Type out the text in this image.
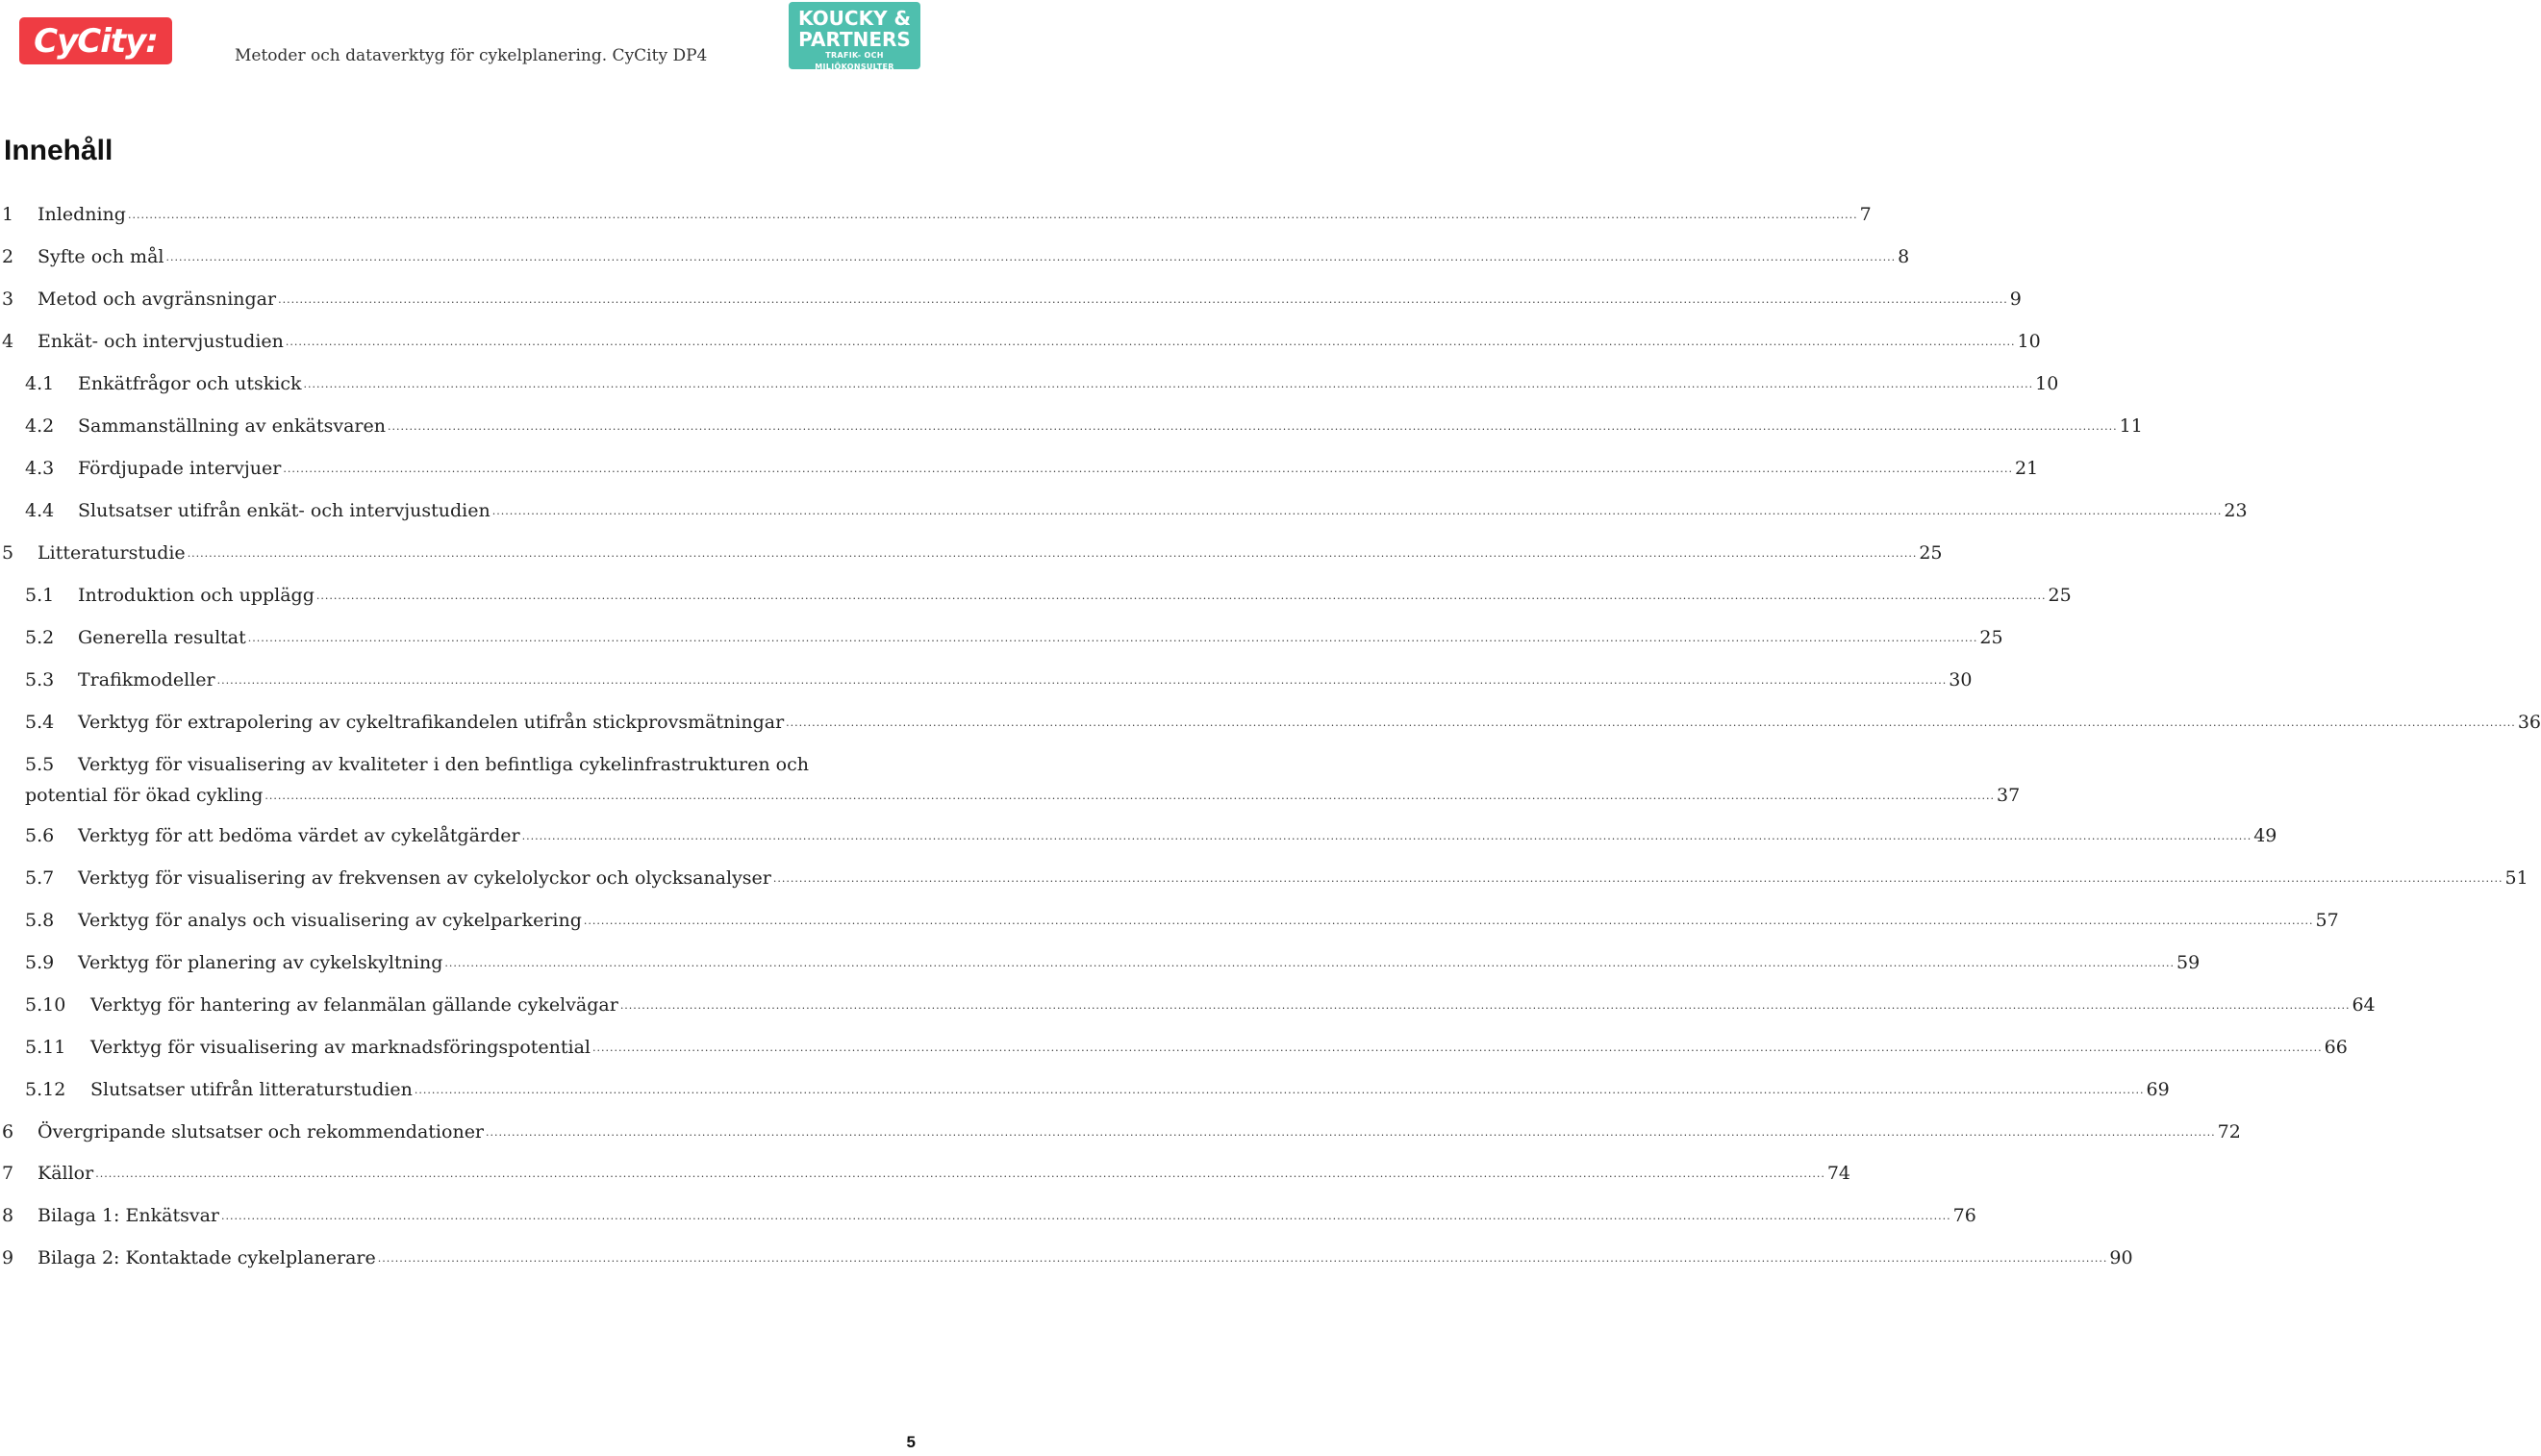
CyCity:	Metoder och dataverktyg för cykelplanering. CyCity DP4
KOUCKY &
PARTNERS
TRAFIK- OCH MILJÖKONSULTER
Innehåll
1 Inledning ................................................................................................................................................................................................................................................................................................................................................................................................................ 7
2 Syfte och mål ................................................................................................................................................................................................................................................................................................................................................................................................................ 8
3 Metod och avgränsningar ................................................................................................................................................................................................................................................................................................................................................................................................................ 9
4 Enkät- och intervjustudien ................................................................................................................................................................................................................................................................................................................................................................................................................ 10
4.1 Enkätfrågor och utskick ................................................................................................................................................................................................................................................................................................................................................................................................................ 10
4.2 Sammanställning av enkätsvaren ................................................................................................................................................................................................................................................................................................................................................................................................................ 11
4.3 Fördjupade intervjuer ................................................................................................................................................................................................................................................................................................................................................................................................................ 21
4.4 Slutsatser utifrån enkät- och intervjustudien ................................................................................................................................................................................................................................................................................................................................................................................................................ 23
5 Litteraturstudie ................................................................................................................................................................................................................................................................................................................................................................................................................ 25
5.1 Introduktion och upplägg ................................................................................................................................................................................................................................................................................................................................................................................................................ 25
5.2 Generella resultat ................................................................................................................................................................................................................................................................................................................................................................................................................ 25
5.3 Trafikmodeller ................................................................................................................................................................................................................................................................................................................................................................................................................ 30
5.4 Verktyg för extrapolering av cykeltrafikandelen utifrån stickprovsmätningar ................................................................................................................................................................................................................................................................................................................................................................................................................ 36
5.5 Verktyg för visualisering av kvaliteter i den befintliga cykelinfrastrukturen och
potential för ökad cykling ................................................................................................................................................................................................................................................................................................................................................................................................................ 37
5.6 Verktyg för att bedöma värdet av cykelåtgärder ................................................................................................................................................................................................................................................................................................................................................................................................................ 49
5.7 Verktyg för visualisering av frekvensen av cykelolyckor och olycksanalyser ................................................................................................................................................................................................................................................................................................................................................................................................................ 51
5.8 Verktyg för analys och visualisering av cykelparkering ................................................................................................................................................................................................................................................................................................................................................................................................................ 57
5.9 Verktyg för planering av cykelskyltning ................................................................................................................................................................................................................................................................................................................................................................................................................ 59
5.10 Verktyg för hantering av felanmälan gällande cykelvägar ................................................................................................................................................................................................................................................................................................................................................................................................................ 64
5.11 Verktyg för visualisering av marknadsföringspotential ................................................................................................................................................................................................................................................................................................................................................................................................................ 66
5.12 Slutsatser utifrån litteraturstudien ................................................................................................................................................................................................................................................................................................................................................................................................................ 69
6 Övergripande slutsatser och rekommendationer ................................................................................................................................................................................................................................................................................................................................................................................................................ 72
7 Källor ................................................................................................................................................................................................................................................................................................................................................................................................................ 74
8 Bilaga 1: Enkätsvar ................................................................................................................................................................................................................................................................................................................................................................................................................ 76
9 Bilaga 2: Kontaktade cykelplanerare ................................................................................................................................................................................................................................................................................................................................................................................................................ 90
5
